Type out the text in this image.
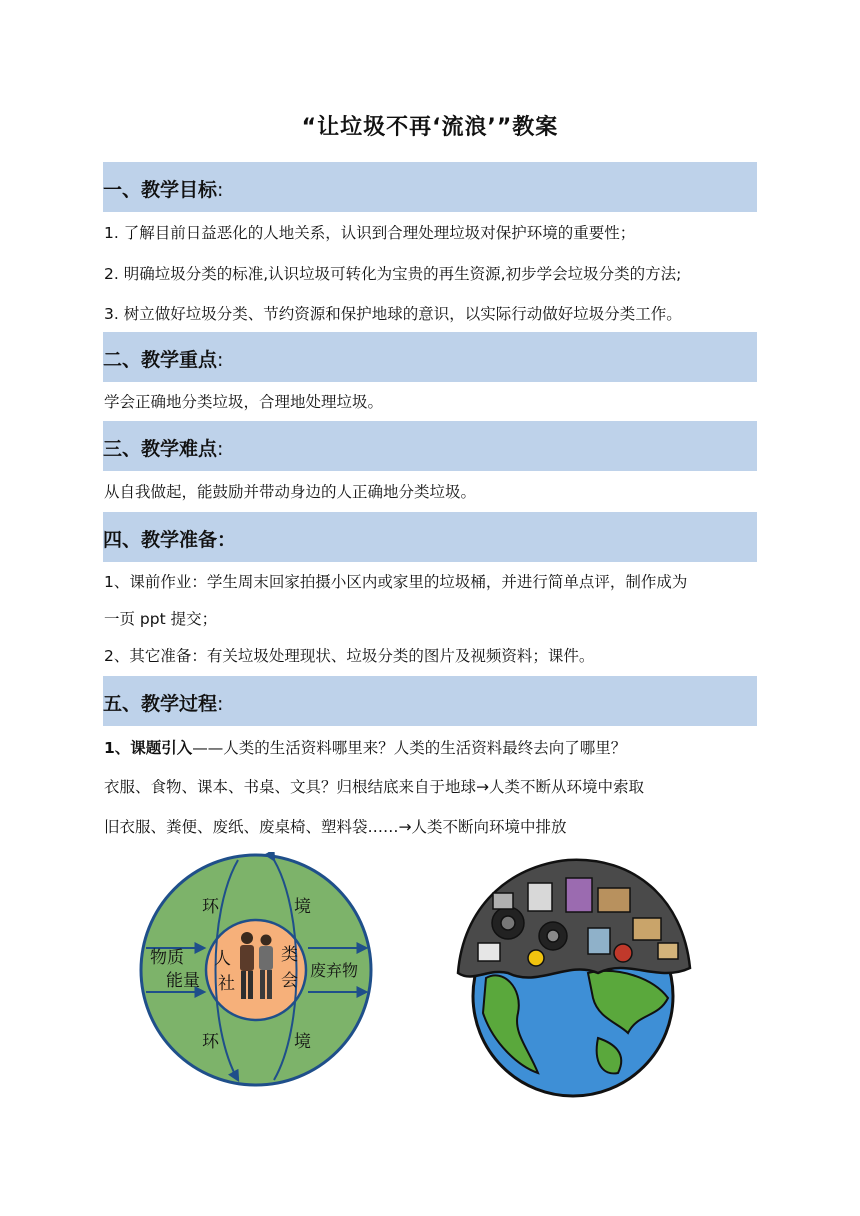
“让垃圾不再‘流浪’”教案
一、教学目标:
1. 了解目前日益恶化的人地关系，认识到合理处理垃圾对保护环境的重要性；
2. 明确垃圾分类的标准,认识垃圾可转化为宝贵的再生资源,初步学会垃圾分类的方法;
3. 树立做好垃圾分类、节约资源和保护地球的意识，以实际行动做好垃圾分类工作。
二、教学重点:
学会正确地分类垃圾，合理地处理垃圾。
三、教学难点:
从自我做起，能鼓励并带动身边的人正确地分类垃圾。
四、教学准备：
1、课前作业：学生周末回家拍摄小区内或家里的垃圾桶，并进行简单点评，制作成为
一页 ppt 提交；
2、其它准备：有关垃圾处理现状、垃圾分类的图片及视频资料；课件。
五、教学过程:
1、课题引入——人类的生活资料哪里来？人类的生活资料最终去向了哪里？
衣服、食物、课本、书桌、文具？归根结底来自于地球→人类不断从环境中索取
旧衣服、粪便、废纸、废桌椅、塑料袋……→人类不断向环境中排放
环	境
环	境
物质
能量
废弃物
人
社
类
会
